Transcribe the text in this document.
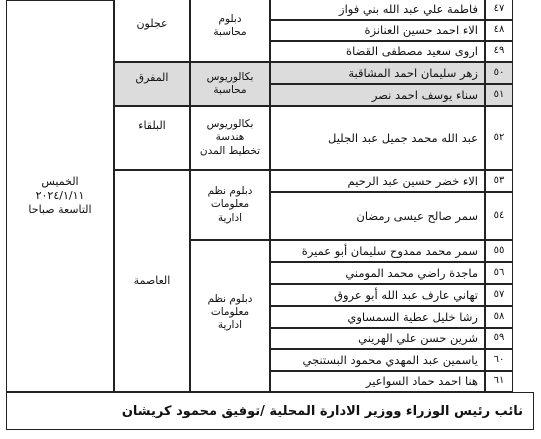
الخميس
٢٠٢٤/١/١١
التاسعة صباحا
عجلون
المفرق
البلقاء
العاصمة
دبلوم
محاسبة
بكالوريوس
محاسبة
بكالوريوس
هندسة
تخطيط المدن
دبلوم نظم
معلومات
ادارية
دبلوم نظم
معلومات
ادارية
فاطمة علي عبد الله بني فواز
الاء احمد حسين العنانزة
اروى سعيد مصطفى القضاة
زهر سليمان احمد المشاقبة
سناء يوسف احمد نصر
عبد الله محمد جميل عبد الجليل
الاء خضر حسين عبد الرحيم
سمر صالح عيسى رمضان
سمر محمد ممدوح سليمان أبو عميرة
ماجدة راضي محمد المومني
تهاني عارف عبد الله أبو عروق
رشا خليل عطية السمساوي
شرين حسن علي الهريني
ياسمين عبد المهدي محمود البستنجي
هنا احمد حماد السواعير
٤٧
٤٨
٤٩
٥٠
٥١
٥٢
٥٣
٥٤
٥٥
٥٦
٥٧
٥٨
٥٩
٦٠
٦١
نائب رئيس الوزراء ووزير الادارة المحلية /توفيق محمود كريشان
